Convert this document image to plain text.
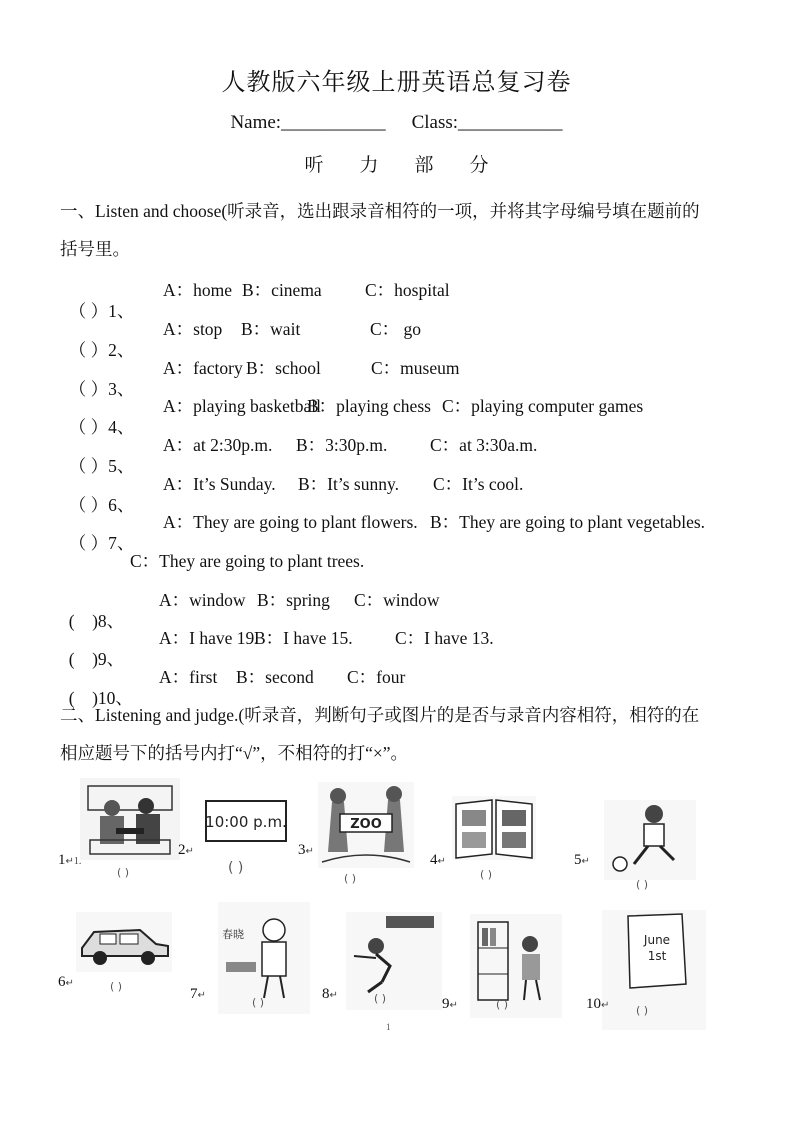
人教版六年级上册英语总复习卷
Name:___________ Class:___________
听 力 部 分
一、Listen and choose(听录音，选出跟录音相符的一项，并将其字母编号填在题前的
括号里。

（ ）1、

A：home

B：cinema

C：hospital

（ ）2、

A：stop

B：wait

	C： go

（ ）3、

A：factory

B：school

	C：museum

（ ）4、

A：playing basketball

B：playing chess

C：playing computer games

（ ）5、

A：at 2:30p.m.

B：3:30p.m.

C：at 3:30a.m.

（ ）6、

A：It’s Sunday.

B：It’s sunny.

C：It’s cool.

（ ）7、

A：They are going to plant flowers.

B：They are going to plant vegetables.

C：They are going to plant trees.

(    )8、

A：window

B：spring

C：window

(    )9、

A：I have 19.

B：I have 15.

C：I have 13.

(    )10、

A：first

B：second

C：four

二、Listening and judge.(听录音，判断句子或图片的是否与录音内容相符，相符的在
相应题号下的括号内打“√”，不相符的打“×”。
1↵1.
( )
10:00 p.m.
2↵
( )
ZOO
3↵
( )
4↵
( )
5↵
( )
6↵	( )
春晓
7↵
( )
8↵	( )	9↵	( )
June 1st
10↵ ( )
1
